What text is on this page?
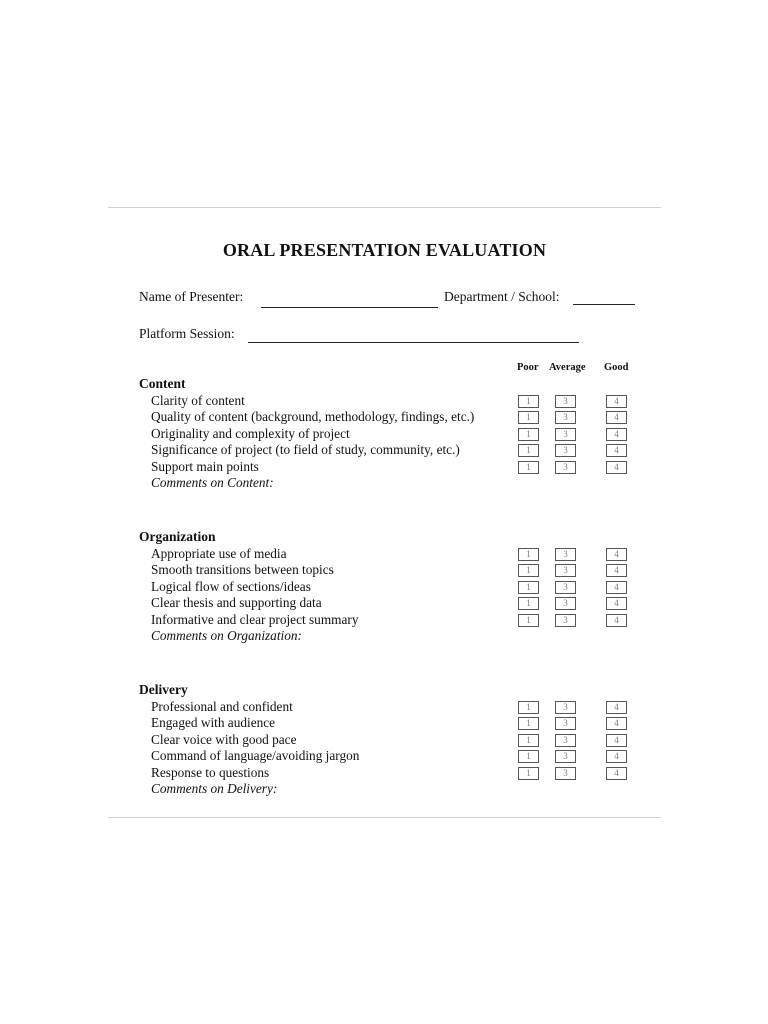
ORAL PRESENTATION EVALUATION
Name of Presenter:	Department / School:
Platform Session:
Poor Average Good
Content
Clarity of content	1	3	4
Quality of content (background, methodology, findings, etc.)	1	3	4
Originality and complexity of project	1	3	4
Significance of project (to field of study, community, etc.)	1	3	4
Support main points	1	3	4
Comments on Content:
Organization
Appropriate use of media	1	3	4
Smooth transitions between topics	1	3	4
Logical flow of sections/ideas	1	3	4
Clear thesis and supporting data	1	3	4
Informative and clear project summary	1	3	4
Comments on Organization:
Delivery
Professional and confident	1	3	4
Engaged with audience	1	3	4
Clear voice with good pace	1	3	4
Command of language/avoiding jargon	1	3	4
Response to questions	1	3	4
Comments on Delivery:
